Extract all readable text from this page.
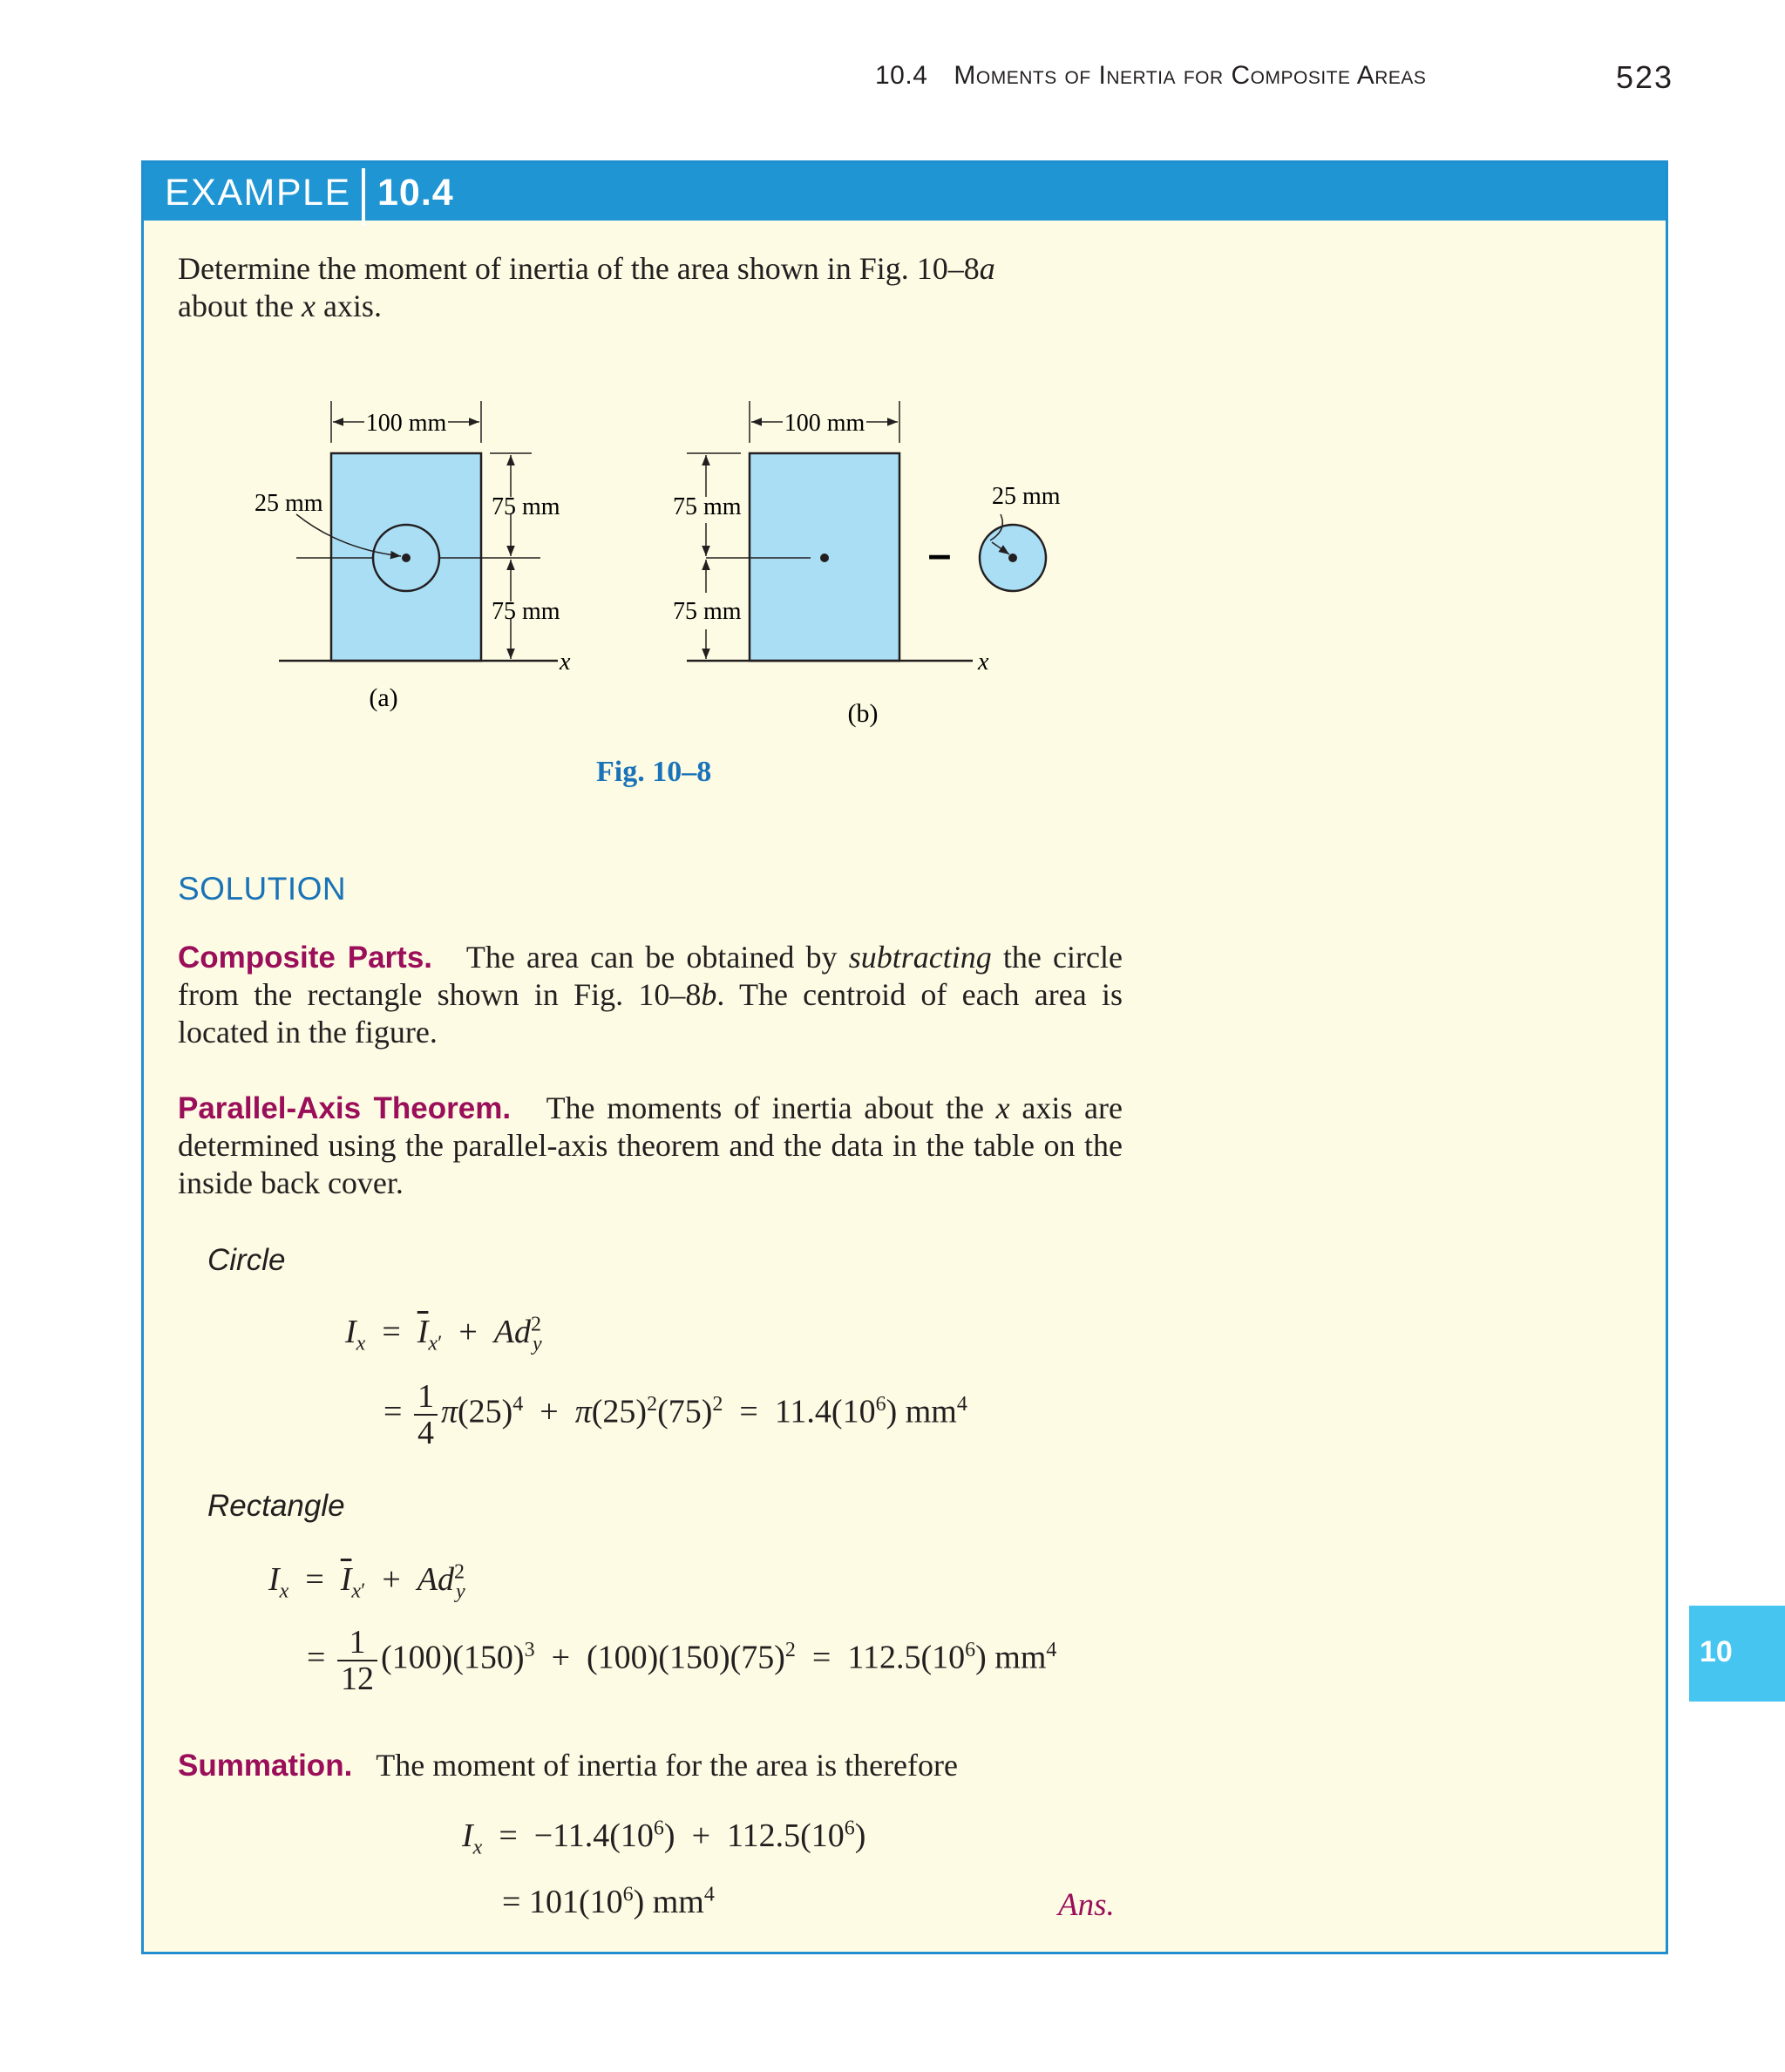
10.4 Moments of Inertia for Composite Areas	523
EXAMPLE 10.4
Determine the moment of inertia of the area shown in Fig. 10–8a
about the x axis.
100 mm
75 mm
75 mm
x
25 mm
(a)
100 mm
75 mm
75 mm
x
–
25 mm
(b)
Fig. 10–8
SOLUTION
Composite Parts. The area can be obtained by subtracting the circle from the rectangle shown in Fig. 10–8b. The centroid of each area is located in the figure.
Parallel-Axis Theorem. The moments of inertia about the x axis are determined using the parallel-axis theorem and the data in the table on the inside back cover.
Circle
$I_x = \overline{I}_{x'} + Ad^2_y$
= $\frac{1}{4} \pi(25)^4 + \pi(25)^2(75)^2 = 11.4(10^6)$ $mm^4$
Rectangle
$I_x = \overline{I}_{x'} + Ad^2_y$
= $\frac{1}{12} (100)(150)^3 + (100)(150)(75)^2 = 112.5(10^6)$ $mm^4$
Summation. The moment of inertia for the area is therefore
$I_x = -11.4(10^6) + 112.5(10^6)$
= $101(10^6)$ $mm^4$	Ans.
10
